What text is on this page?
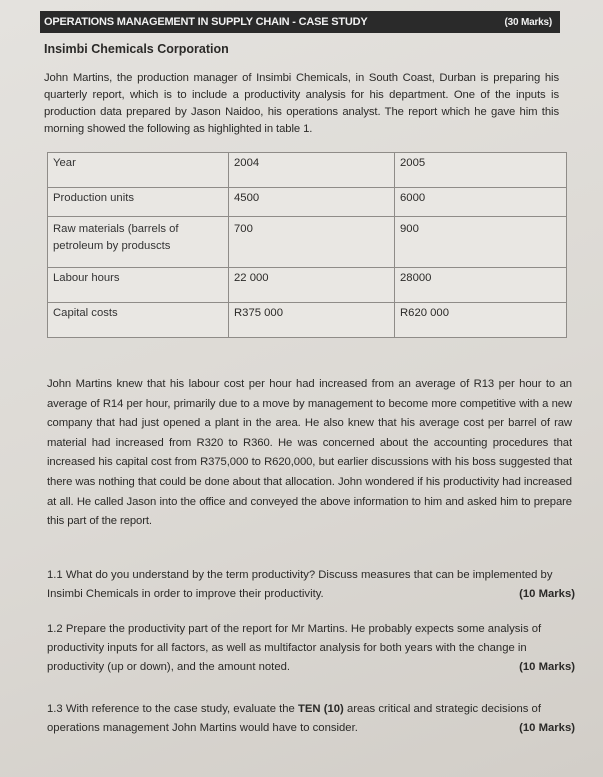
OPERATIONS MANAGEMENT IN SUPPLY CHAIN - CASE STUDY	(30 Marks)
Insimbi Chemicals Corporation
John Martins, the production manager of Insimbi Chemicals, in South Coast, Durban is preparing his quarterly report, which is to include a productivity analysis for his department. One of the inputs is production data prepared by Jason Naidoo, his operations analyst. The report which he gave him this morning showed the following as highlighted in table 1.
Year	2004	2005
Production units	4500	6000
Raw materials (barrels of petroleum by produscts	700	900
Labour hours	22 000	28000
Capital costs	R375 000	R620 000
John Martins knew that his labour cost per hour had increased from an average of R13 per hour to an average of R14 per hour, primarily due to a move by management to become more competitive with a new company that had just opened a plant in the area. He also knew that his average cost per barrel of raw material had increased from R320 to R360. He was concerned about the accounting procedures that increased his capital cost from R375,000 to R620,000, but earlier discussions with his boss suggested that there was nothing that could be done about that allocation. John wondered if his productivity had increased at all. He called Jason into the office and conveyed the above information to him and asked him to prepare this part of the report.
1.1 What do you understand by the term productivity? Discuss measures that can be implemented by Insimbi Chemicals in order to improve their productivity.	(10 Marks)
1.2 Prepare the productivity part of the report for Mr Martins. He probably expects some analysis of productivity inputs for all factors, as well as multifactor analysis for both years with the change in productivity (up or down), and the amount noted.	(10 Marks)
1.3 With reference to the case study, evaluate the TEN (10) areas critical and strategic decisions of operations management John Martins would have to consider.	(10 Marks)
